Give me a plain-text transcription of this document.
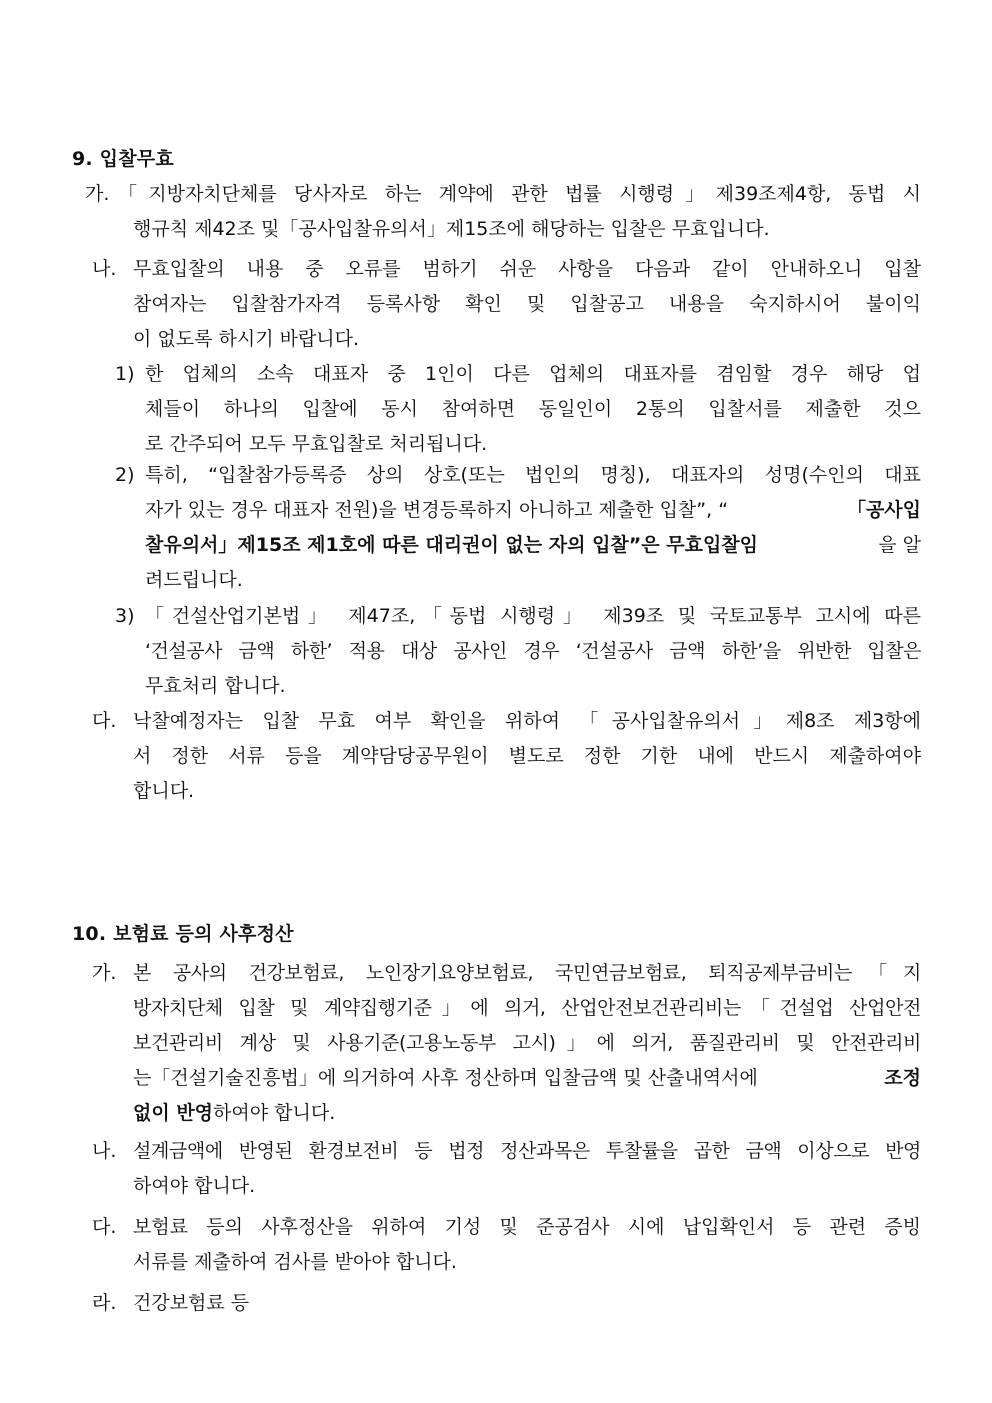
9. 입찰무효
가. 「지방자치단체를 당사자로 하는 계약에 관한 법률 시행령」제39조제4항, 동법 시
행규칙 제42조 및「공사입찰유의서」제15조에 해당하는 입찰은 무효입니다.
나. 무효입찰의 내용 중 오류를 범하기 쉬운 사항을 다음과 같이 안내하오니 입찰
참여자는 입찰참가자격 등록사항 확인 및 입찰공고 내용을 숙지하시어 불이익
이 없도록 하시기 바랍니다.
1) 한 업체의 소속 대표자 중 1인이 다른 업체의 대표자를 겸임할 경우 해당 업
체들이 하나의 입찰에 동시 참여하면 동일인이 2통의 입찰서를 제출한 것으
로 간주되어 모두 무효입찰로 처리됩니다.
2) 특히, “입찰참가등록증 상의 상호(또는 법인의 명칭), 대표자의 성명(수인의 대표
자가 있는 경우 대표자 전원)을 변경등록하지 아니하고 제출한 입찰”, “	「공사입
찰유의서」제15조 제1호에 따른 대리권이 없는 자의 입찰”은 무효입찰임	을 알
려드립니다.
3) 「건설산업기본법」 제47조,「동법 시행령」 제39조 및 국토교통부 고시에 따른
‘건설공사 금액 하한’ 적용 대상 공사인 경우 ‘건설공사 금액 하한’을 위반한 입찰은
무효처리 합니다.
다. 낙찰예정자는 입찰 무효 여부 확인을 위하여 「공사입찰유의서」제8조 제3항에
서 정한 서류 등을 계약담당공무원이 별도로 정한 기한 내에 반드시 제출하여야
합니다.
10. 보험료 등의 사후정산
가. 본 공사의 건강보험료, 노인장기요양보험료, 국민연금보험료, 퇴직공제부금비는「지
방자치단체 입찰 및 계약집행기준」에 의거, 산업안전보건관리비는「건설업 산업안전
보건관리비 계상 및 사용기준(고용노동부 고시)」에 의거, 품질관리비 및 안전관리비
는「건설기술진흥법」에 의거하여 사후 정산하며 입찰금액 및 산출내역서에	조정
없이 반영하여야 합니다.
나. 설계금액에 반영된 환경보전비 등 법정 정산과목은 투찰률을 곱한 금액 이상으로 반영
하여야 합니다.
다. 보험료 등의 사후정산을 위하여 기성 및 준공검사 시에 납입확인서 등 관련 증빙
서류를 제출하여 검사를 받아야 합니다.
라. 건강보험료 등
